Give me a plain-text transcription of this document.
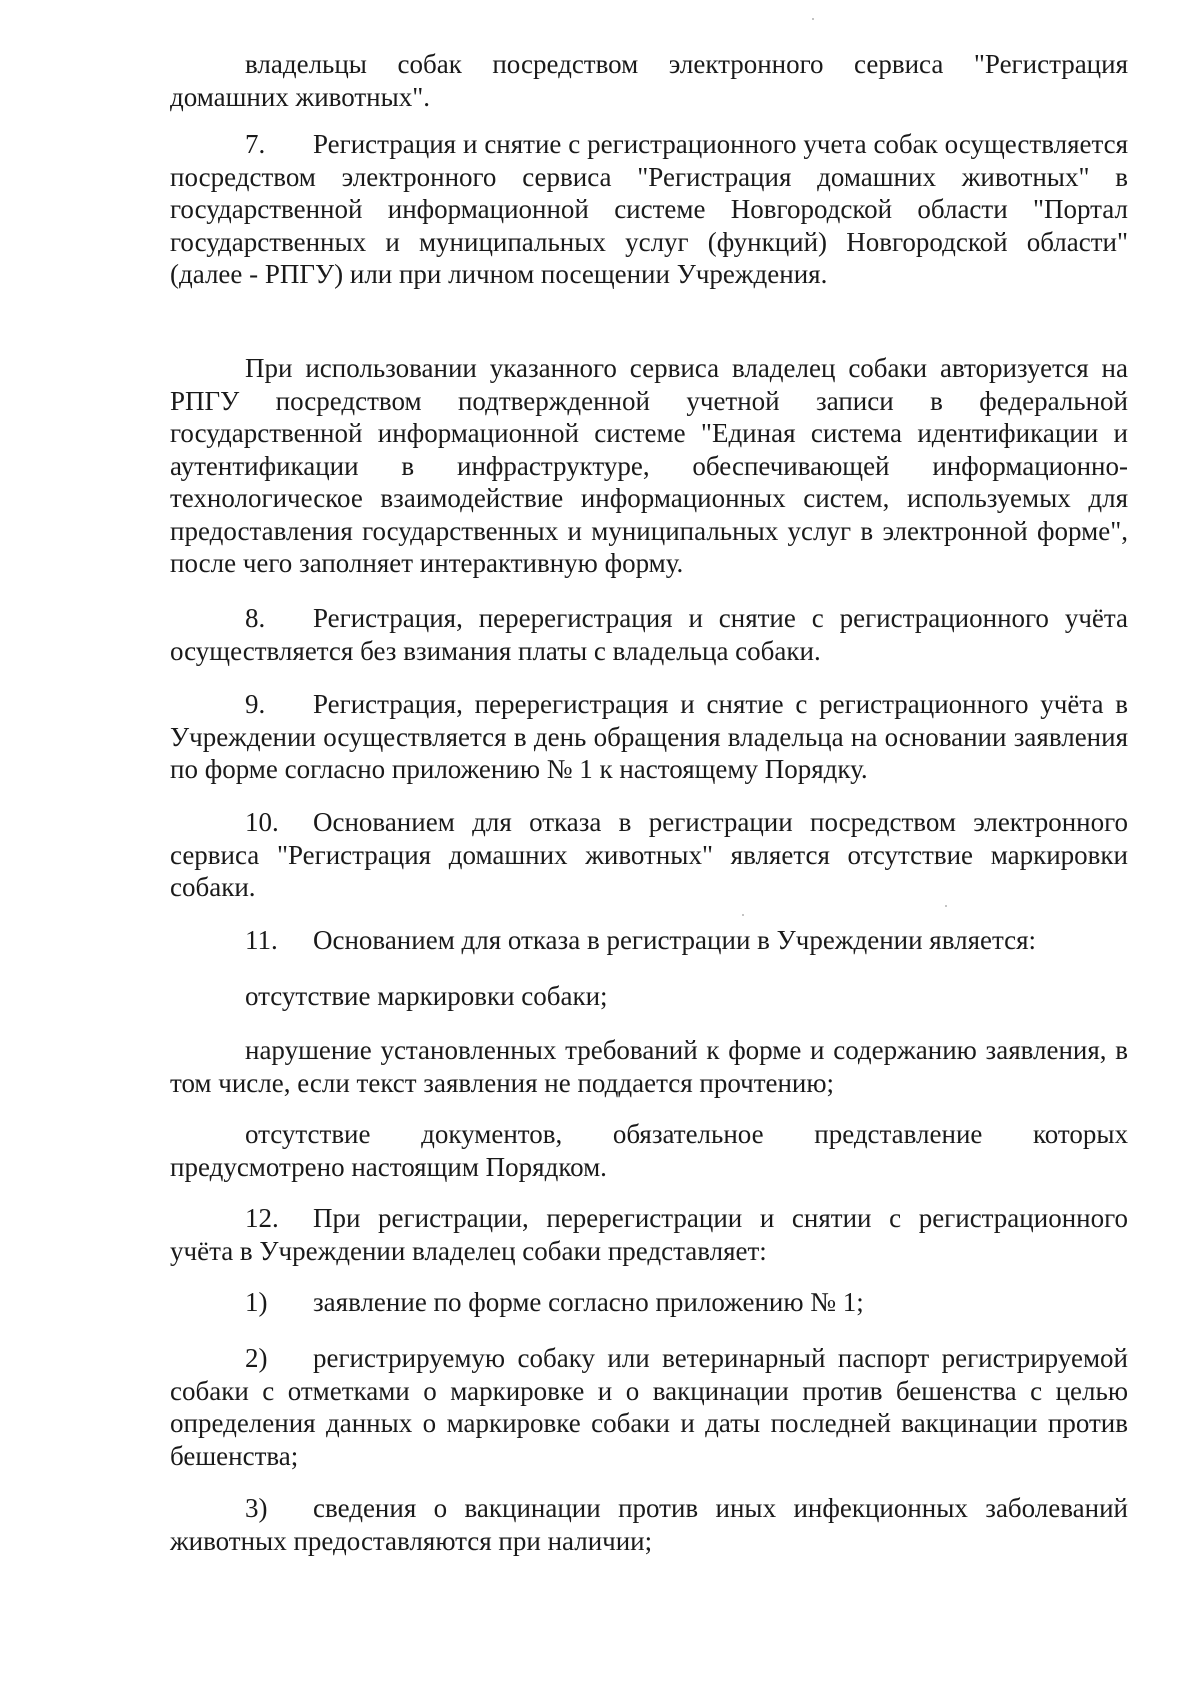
владельцы собак посредством электронного сервиса "Регистрация домашних животных".

7. Регистрация и снятие с регистрационного учета собак осуществляется посредством электронного сервиса "Регистрация домашних животных" в государственной информационной системе Новгородской области "Портал государственных и муниципальных услуг (функций) Новгородской области" (далее - РПГУ) или при личном посещении Учреждения.

При использовании указанного сервиса владелец собаки авторизуется на РПГУ посредством подтвержденной учетной записи в федеральной государственной информационной системе "Единая система идентификации и аутентификации в инфраструктуре, обеспечивающей информационно-технологическое взаимодействие информационных систем, используемых для предоставления государственных и муниципальных услуг в электронной форме", после чего заполняет интерактивную форму.

8. Регистрация, перерегистрация и снятие с регистрационного учёта осуществляется без взимания платы с владельца собаки.

9. Регистрация, перерегистрация и снятие с регистрационного учёта в Учреждении осуществляется в день обращения владельца на основании заявления по форме согласно приложению № 1 к настоящему Порядку.

10. Основанием для отказа в регистрации посредством электронного сервиса "Регистрация домашних животных" является отсутствие маркировки собаки.

11. Основанием для отказа в регистрации в Учреждении является:

отсутствие маркировки собаки;

нарушение установленных требований к форме и содержанию заявления, в том числе, если текст заявления не поддается прочтению;

отсутствие документов, обязательное представление которых предусмотрено настоящим Порядком.

12. При регистрации, перерегистрации и снятии с регистрационного учёта в Учреждении владелец собаки представляет:

1) заявление по форме согласно приложению № 1;

2) регистрируемую собаку или ветеринарный паспорт регистрируемой собаки с отметками о маркировке и о вакцинации против бешенства с целью определения данных о маркировке собаки и даты последней вакцинации против бешенства;

3) сведения о вакцинации против иных инфекционных заболеваний животных предоставляются при наличии;
